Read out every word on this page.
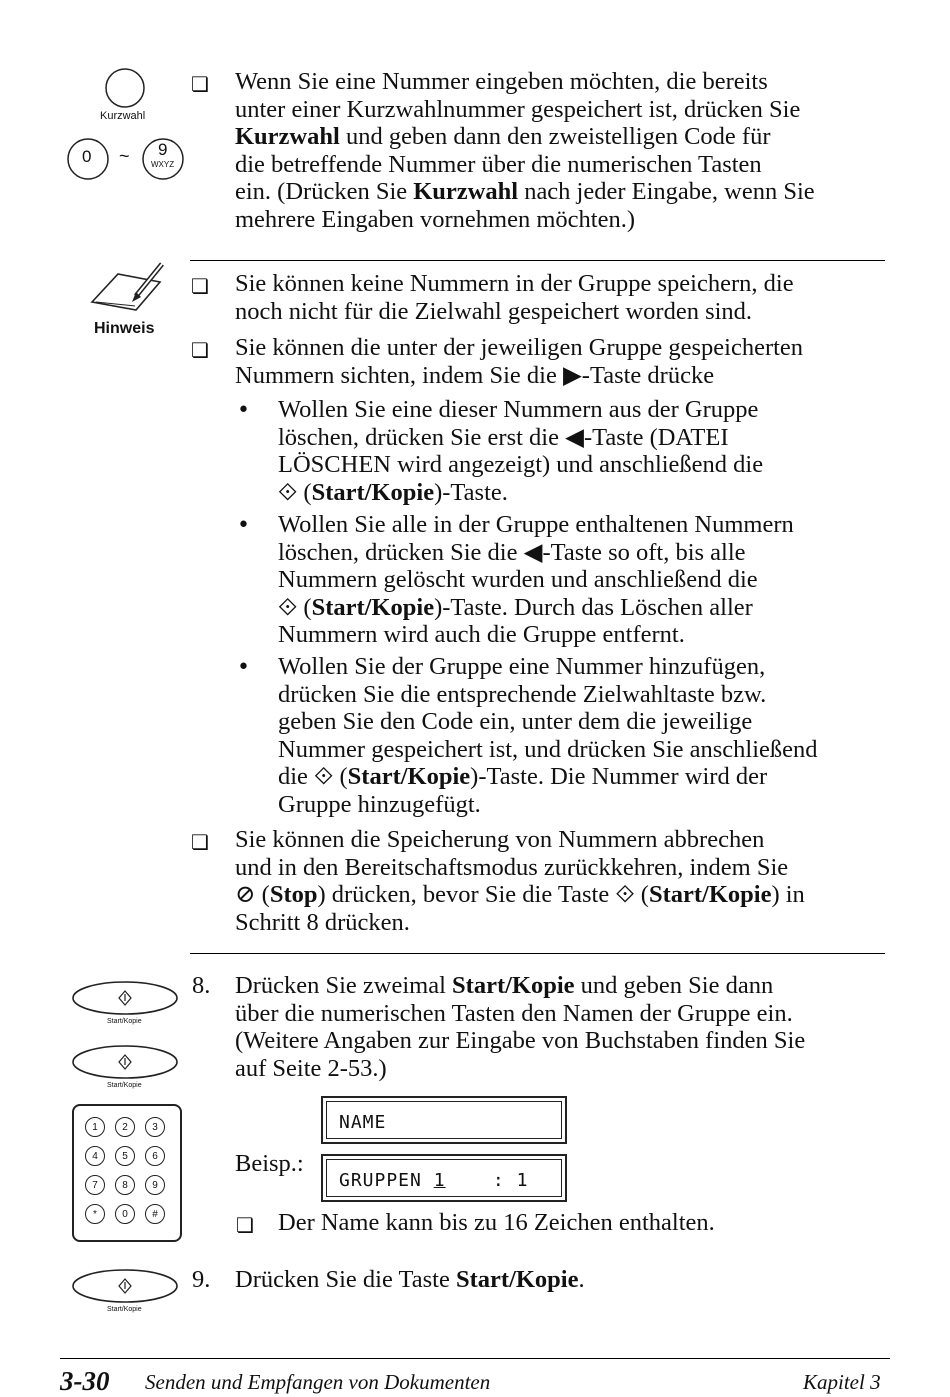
Kurzwahl
0 ~ 9
WXYZ
Hinweis
Start/Kopie
Start/Kopie
1	2	3
4	5	6
7	8	9
*	0	#
Start/Kopie
❏ Wenn Sie eine Nummer eingeben möchten, die bereits
unter einer Kurzwahlnummer gespeichert ist, drücken Sie
Kurzwahl und geben dann den zweistelligen Code für
die betreffende Nummer über die numerischen Tasten
ein. (Drücken Sie Kurzwahl nach jeder Eingabe, wenn Sie
mehrere Eingaben vornehmen möchten.)
❏ Sie können keine Nummern in der Gruppe speichern, die
noch nicht für die Zielwahl gespeichert worden sind.
❏ Sie können die unter der jeweiligen Gruppe gespeicherten
Nummern sichten, indem Sie die ▶-Taste drücke
• Wollen Sie eine dieser Nummern aus der Gruppe
löschen, drücken Sie erst die ◀-Taste (DATEI
LÖSCHEN wird angezeigt) und anschließend die
⟐ (Start/Kopie)-Taste.
• Wollen Sie alle in der Gruppe enthaltenen Nummern
löschen, drücken Sie die ◀-Taste so oft, bis alle
Nummern gelöscht wurden und anschließend die
⟐ (Start/Kopie)-Taste. Durch das Löschen aller
Nummern wird auch die Gruppe entfernt.
• Wollen Sie der Gruppe eine Nummer hinzufügen,
drücken Sie die entsprechende Zielwahltaste bzw.
geben Sie den Code ein, unter dem die jeweilige
Nummer gespeichert ist, und drücken Sie anschließend
die ⟐ (Start/Kopie)-Taste. Die Nummer wird der
Gruppe hinzugefügt.
❏ Sie können die Speicherung von Nummern abbrechen
und in den Bereitschaftsmodus zurückkehren, indem Sie
⊘ (Stop) drücken, bevor Sie die Taste ⟐ (Start/Kopie) in
Schritt 8 drücken.
8. Drücken Sie zweimal Start/Kopie und geben Sie dann
über die numerischen Tasten den Namen der Gruppe ein.
(Weitere Angaben zur Eingabe von Buchstaben finden Sie
auf Seite 2-53.)
Beisp.:
NAME
GRUPPEN 1    : 1
❏ Der Name kann bis zu 16 Zeichen enthalten.
9. Drücken Sie die Taste Start/Kopie.
3-30 Senden und Empfangen von Dokumenten	Kapitel 3
